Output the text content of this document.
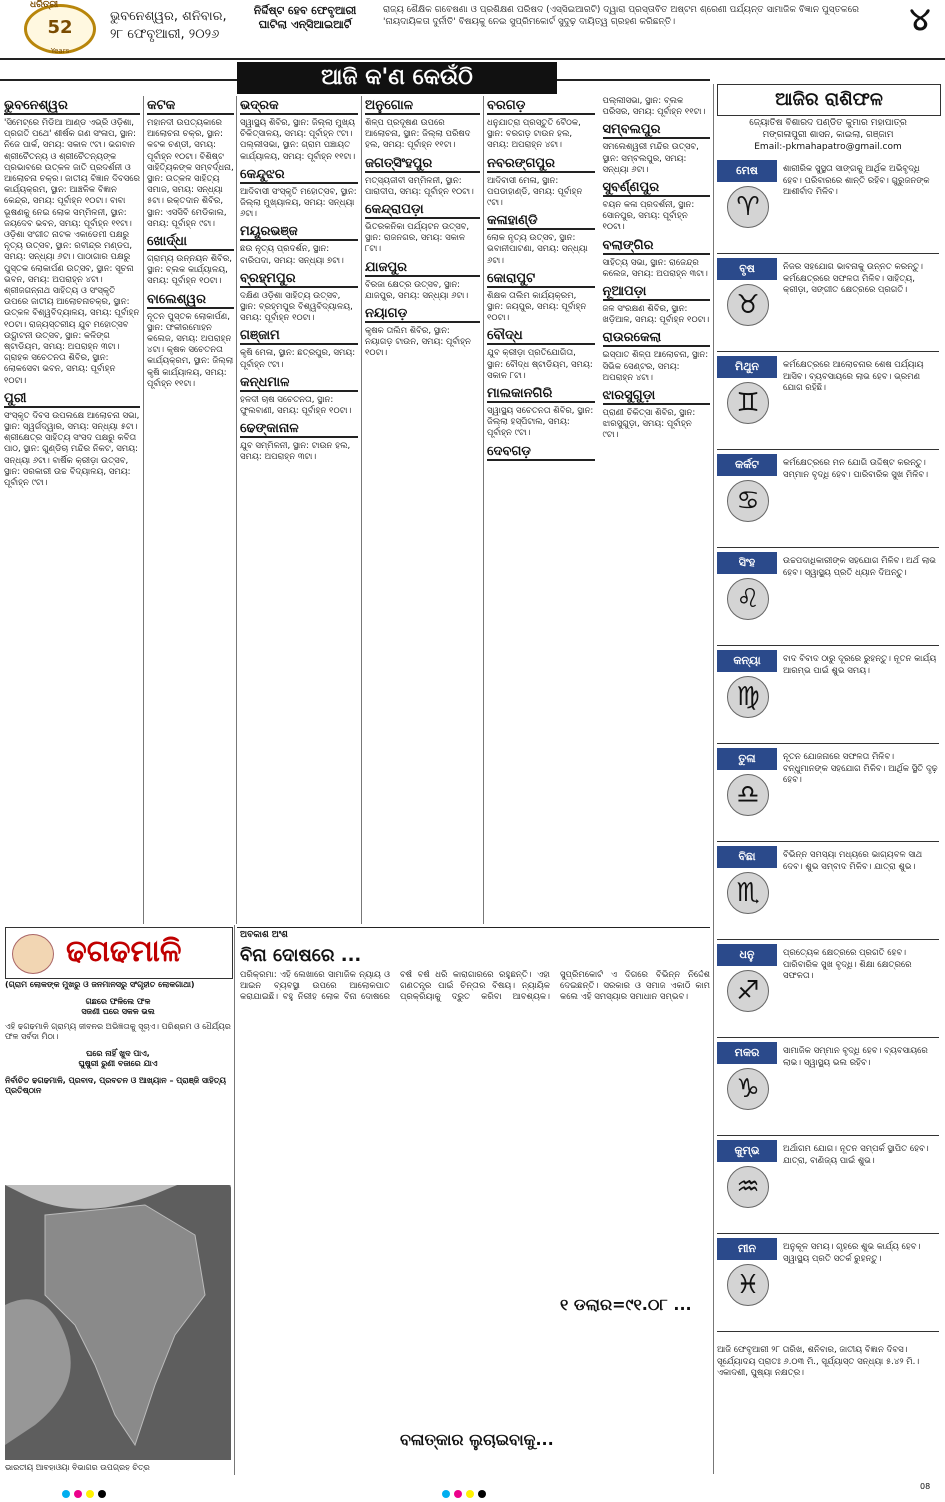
52
Years
ଧରିତ୍ରୀ
ଭୁବନେଶ୍ୱର, ଶନିବାର,
୨୮ ଫେବୃଆରୀ, ୨୦୨୬
ନିର୍ଦ୍ଦିଷ୍ଟ ହେବ ଫେବୃଆରୀ ଘାଟିଲା ଏନ୍ସିଆଇଆର୍ଟି
ରାଜ୍ୟ ଶୈକ୍ଷିକ ଗବେଷଣା ଓ ପ୍ରଶିକ୍ଷଣ ପରିଷଦ (ଏସ୍ସିଇଆରଟି) ଦ୍ୱାରା ପ୍ରସ୍ତାବିତ ଅଷ୍ଟମ ଶ୍ରେଣୀ ପର୍ଯ୍ୟନ୍ତ ସାମାଜିକ ବିଜ୍ଞାନ ପୁସ୍ତକରେ 'ନାୟଦାୟିକତା ଦୁର୍ନୀତି' ବିଷୟକୁ ନେଇ ସୁପ୍ରିମକୋର୍ଟ ସୁଦୁଢ଼ ଦାୟିତ୍ୱ ଗ୍ରହଣ କରିଛନ୍ତି।	୪
ଆଜି କ'ଣ କେଉଁଠି
ଭୁବନେଶ୍ୱର
'ସିମେଟ୍ରେ ମିଡିଆ ଆଣ୍ଡ ଏଭ୍ରି ଓଡ଼ିଶା, ପ୍ରଗତି ପଥେ' ଶୀର୍ଷକ ଗଣ ସଂଳାପ, ସ୍ଥାନ: ନିଜେ ପାର୍କ, ସମୟ: ସକାଳ ୯ଟା। ଭଗବାନ ଶ୍ରୀଚୈତନ୍ୟ ଓ ଶ୍ରୀଚୈତନ୍ୟଙ୍କ ପ୍ରଭାବରେ ଉତ୍କଳ ଜାତି ପ୍ରଦର୍ଶନୀ ଓ ଆଲୋଚନା ଚକ୍ର। ଜାତୀୟ ବିଜ୍ଞାନ ଦିବସରେ କାର୍ଯ୍ୟକ୍ରମ, ସ୍ଥାନ: ଆଞ୍ଚଳିକ ବିଜ୍ଞାନ କେନ୍ଦ୍ର, ସମୟ: ପୂର୍ବାହ୍ନ ୧୦ଟା। ବାବା ଭୂଷଣକୁ ନେଇ ଲୋକ ସମ୍ମିଳନୀ, ସ୍ଥାନ: ଜୟଦେବ ଭବନ, ସମୟ: ପୂର୍ବାହ୍ନ ୧୧ଟା। ଓଡ଼ିଶା ସଂଗୀତ ନାଟକ ଏକାଡେମୀ ପକ୍ଷରୁ ନୃତ୍ୟ ଉତ୍ସବ, ସ୍ଥାନ: ରବୀନ୍ଦ୍ର ମଣ୍ଡପ, ସମୟ: ସନ୍ଧ୍ୟା ୬ଟା। ପାଠାଗାର ପକ୍ଷରୁ ପୁସ୍ତକ ଲୋକାର୍ପଣ ଉତ୍ସବ, ସ୍ଥାନ: ସୂଚନା ଭବନ, ସମୟ: ଅପରାହ୍ନ ୪ଟା। ଶ୍ରୀଜଗନ୍ନାଥ ସାହିତ୍ୟ ଓ ସଂସ୍କୃତି ଉପରେ ଜାତୀୟ ଆଲୋଚନାଚକ୍ର, ସ୍ଥାନ: ଉତ୍କଳ ବିଶ୍ୱବିଦ୍ୟାଳୟ, ସମୟ: ପୂର୍ବାହ୍ନ ୧୦ଟା। ରାଜ୍ୟସ୍ତରୀୟ ଯୁବ ମହୋତ୍ସବ ଉଦ୍ଘାଟନୀ ଉତ୍ସବ, ସ୍ଥାନ: କଳିଙ୍ଗ ଷ୍ଟାଡିୟମ, ସମୟ: ଅପରାହ୍ନ ୩ଟା। ଗ୍ରାହକ ସଚେତନତା ଶିବିର, ସ୍ଥାନ: ଲୋକସେବା ଭବନ, ସମୟ: ପୂର୍ବାହ୍ନ ୧୦ଟା।
ପୁରୀ
ସଂସ୍କୃତ ଦିବସ ଉପଲକ୍ଷେ ଆଲୋଚନା ସଭା, ସ୍ଥାନ: ସ୍ୱର୍ଗଦ୍ୱାର, ସମୟ: ସନ୍ଧ୍ୟା ୫ଟା। ଶ୍ରୀକ୍ଷେତ୍ର ସାହିତ୍ୟ ସଂସଦ ପକ୍ଷରୁ କବିତା ପାଠ, ସ୍ଥାନ: ଗୁଣ୍ଡିଚା ମନ୍ଦିର ନିକଟ, ସମୟ: ସନ୍ଧ୍ୟା ୬ଟା। ବାର୍ଷିକ କ୍ରୀଡ଼ା ଉତ୍ସବ, ସ୍ଥାନ: ସରକାରୀ ଉଚ୍ଚ ବିଦ୍ୟାଳୟ, ସମୟ: ପୂର୍ବାହ୍ନ ୯ଟା।
କଟକ
ମହାନଦୀ ଉପତ୍ୟକାରେ ଆଲୋଚନା ଚକ୍ର, ସ୍ଥାନ: କଟକ ଚଣ୍ଡୀ, ସମୟ: ପୂର୍ବାହ୍ନ ୧୦ଟା। ବିଶିଷ୍ଟ ସାହିତ୍ୟିକଙ୍କ ସମ୍ବର୍ଦ୍ଧନା, ସ୍ଥାନ: ଉତ୍କଳ ସାହିତ୍ୟ ସମାଜ, ସମୟ: ସନ୍ଧ୍ୟା ୫ଟା। ରକ୍ତଦାନ ଶିବିର, ସ୍ଥାନ: ଏସସିବି ମେଡିକାଲ, ସମୟ: ପୂର୍ବାହ୍ନ ୯ଟା।
ଖୋର୍ଦ୍ଧା
ଗ୍ରାମ୍ୟ ଉନ୍ନୟନ ଶିବିର, ସ୍ଥାନ: ବ୍ଲକ କାର୍ଯ୍ୟାଳୟ, ସମୟ: ପୂର୍ବାହ୍ନ ୧୦ଟା।
ବାଲେଶ୍ୱର
ନୂତନ ପୁସ୍ତକ ଲୋକାର୍ପଣ, ସ୍ଥାନ: ଫକୀରମୋହନ କଲେଜ, ସମୟ: ଅପରାହ୍ନ ୪ଟା। କୃଷକ ସଚେତନତା କାର୍ଯ୍ୟକ୍ରମ, ସ୍ଥାନ: ଜିଲ୍ଲା କୃଷି କାର୍ଯ୍ୟାଳୟ, ସମୟ: ପୂର୍ବାହ୍ନ ୧୧ଟା।
ଭଦ୍ରକ
ସ୍ୱାସ୍ଥ୍ୟ ଶିବିର, ସ୍ଥାନ: ଜିଲ୍ଲା ମୁଖ୍ୟ ଚିକିତ୍ସାଳୟ, ସମୟ: ପୂର୍ବାହ୍ନ ୯ଟା। ପଲ୍ଲୀସଭା, ସ୍ଥାନ: ଗ୍ରାମ ପଞ୍ଚାୟତ କାର୍ଯ୍ୟାଳୟ, ସମୟ: ପୂର୍ବାହ୍ନ ୧୧ଟା।
କେନ୍ଦୁଝର
ଆଦିବାସୀ ସଂସ୍କୃତି ମହୋତ୍ସବ, ସ୍ଥାନ: ଜିଲ୍ଲା ମୁଖ୍ୟାଳୟ, ସମୟ: ସନ୍ଧ୍ୟା ୬ଟା।
ମୟୂରଭଞ୍ଜ
ଛଉ ନୃତ୍ୟ ପ୍ରଦର୍ଶନ, ସ୍ଥାନ: ବାରିପଦା, ସମୟ: ସନ୍ଧ୍ୟା ୭ଟା।
ବ୍ରହ୍ମପୁର
ଦକ୍ଷିଣ ଓଡ଼ିଶା ସାହିତ୍ୟ ଉତ୍ସବ, ସ୍ଥାନ: ବ୍ରହ୍ମପୁର ବିଶ୍ୱବିଦ୍ୟାଳୟ, ସମୟ: ପୂର୍ବାହ୍ନ ୧୦ଟା।
ଗଞ୍ଜାମ
କୃଷି ମେଳା, ସ୍ଥାନ: ଛତ୍ରପୁର, ସମୟ: ପୂର୍ବାହ୍ନ ୯ଟା।
କନ୍ଧମାଳ
ହଳଦୀ ଚାଷ ସଚେତନତା, ସ୍ଥାନ: ଫୁଲବାଣୀ, ସମୟ: ପୂର୍ବାହ୍ନ ୧୦ଟା।
ଢେଙ୍କାନାଳ
ଯୁବ ସମ୍ମିଳନୀ, ସ୍ଥାନ: ଟାଉନ ହଲ, ସମୟ: ଅପରାହ୍ନ ୩ଟା।
ଅନୁଗୋଳ
ଶିଳ୍ପ ପ୍ରଦୂଷଣ ଉପରେ ଆଲୋଚନା, ସ୍ଥାନ: ଜିଲ୍ଲା ପରିଷଦ ହଲ, ସମୟ: ପୂର୍ବାହ୍ନ ୧୧ଟା।
ଜଗତ୍‌ସିଂହପୁର
ମତ୍ସ୍ୟଜୀବୀ ସମ୍ମିଳନୀ, ସ୍ଥାନ: ପାରାଦୀପ, ସମୟ: ପୂର୍ବାହ୍ନ ୧୦ଟା।
କେନ୍ଦ୍ରାପଡ଼ା
ଭିତରକନିକା ପର୍ଯ୍ୟଟନ ଉତ୍ସବ, ସ୍ଥାନ: ରାଜନଗର, ସମୟ: ସକାଳ ୮ଟା।
ଯାଜପୁର
ବିରଜା କ୍ଷେତ୍ର ଉତ୍ସବ, ସ୍ଥାନ: ଯାଜପୁର, ସମୟ: ସନ୍ଧ୍ୟା ୬ଟା।
ନୟାଗଡ଼
କୃଷକ ତାଲିମ ଶିବିର, ସ୍ଥାନ: ନୟାଗଡ଼ ଟାଉନ, ସମୟ: ପୂର୍ବାହ୍ନ ୧୦ଟା।
ବରଗଡ଼
ଧନୁଯାତ୍ରା ପ୍ରସ୍ତୁତି ବୈଠକ, ସ୍ଥାନ: ବରଗଡ଼ ଟାଉନ ହଲ, ସମୟ: ଅପରାହ୍ନ ୪ଟା।
ନବରଙ୍ଗପୁର
ଆଦିବାସୀ ମେଳା, ସ୍ଥାନ: ପପଡାହାଣ୍ଡି, ସମୟ: ପୂର୍ବାହ୍ନ ୯ଟା।
କଳାହାଣ୍ଡି
ଲୋକ ନୃତ୍ୟ ଉତ୍ସବ, ସ୍ଥାନ: ଭବାନୀପାଟଣା, ସମୟ: ସନ୍ଧ୍ୟା ୬ଟା।
କୋରାପୁଟ
ଶିକ୍ଷକ ତାଲିମ କାର୍ଯ୍ୟକ୍ରମ, ସ୍ଥାନ: ଜୟପୁର, ସମୟ: ପୂର୍ବାହ୍ନ ୧୦ଟା।
ବୌଦ୍ଧ
ଯୁବ କ୍ରୀଡ଼ା ପ୍ରତିଯୋଗିତା, ସ୍ଥାନ: ବୌଦ୍ଧ ଷ୍ଟାଡିୟମ, ସମୟ: ସକାଳ ୮ଟା।
ମାଲକାନଗିରି
ସ୍ୱାସ୍ଥ୍ୟ ସଚେତନତା ଶିବିର, ସ୍ଥାନ: ଜିଲ୍ଲା ହସ୍ପିଟାଲ, ସମୟ: ପୂର୍ବାହ୍ନ ୯ଟା।
ଦେବଗଡ଼
ପଲ୍ଲୀସଭା, ସ୍ଥାନ: ବ୍ଲକ ପରିସର, ସମୟ: ପୂର୍ବାହ୍ନ ୧୧ଟା।
ସମ୍ବଲପୁର
ସମଲେଶ୍ୱରୀ ମନ୍ଦିର ଉତ୍ସବ, ସ୍ଥାନ: ସମ୍ବଲପୁର, ସମୟ: ସନ୍ଧ୍ୟା ୬ଟା।
ସୁବର୍ଣ୍ଣପୁର
ବୟନ କଳା ପ୍ରଦର୍ଶନୀ, ସ୍ଥାନ: ସୋନପୁର, ସମୟ: ପୂର୍ବାହ୍ନ ୧୦ଟା।
ବଲାଙ୍ଗିର
ସାହିତ୍ୟ ସଭା, ସ୍ଥାନ: ରାଜେନ୍ଦ୍ର କଲେଜ, ସମୟ: ଅପରାହ୍ନ ୩ଟା।
ନୂଆପଡ଼ା
ଜଳ ସଂରକ୍ଷଣ ଶିବିର, ସ୍ଥାନ: ଖଡ଼ିଆଳ, ସମୟ: ପୂର୍ବାହ୍ନ ୧୦ଟା।
ରାଉରକେଲା
ଇସ୍ପାତ ଶିଳ୍ପ ଆଲୋଚନା, ସ୍ଥାନ: ସିଭିକ ସେଣ୍ଟର, ସମୟ: ଅପରାହ୍ନ ୪ଟା।
ଝାରସୁଗୁଡ଼ା
ପ୍ରାଣୀ ଚିକିତ୍ସା ଶିବିର, ସ୍ଥାନ: ଝାରସୁଗୁଡ଼ା, ସମୟ: ପୂର୍ବାହ୍ନ ୯ଟା।
ଆଜିର ରାଶିଫଳ
ଜ୍ୟୋତିଷ ବିଶାରଦ ପଣ୍ଡିତ କୁମାର ମହାପାତ୍ର
ମଙ୍ଗଳାପୁରୀ ଶାସନ, କାଇଲା, ଗଞ୍ଜାମ
Email:-pkmahapatro@gmail.com
ମେଷ
♈
ଶାରୀରିକ ସୁସ୍ଥତା ସାଙ୍ଗକୁ ଆର୍ଥିକ ଅଭିବୃଦ୍ଧି ହେବ। ପରିବାରରେ ଶାନ୍ତି ରହିବ। ଗୁରୁଜନଙ୍କ ଆଶୀର୍ବାଦ ମିଳିବ।
ବୃଷ
♉
ନିଜର ସହଯୋଗ ଭାବନାକୁ ଉନ୍ନତ କରନ୍ତୁ। କର୍ମକ୍ଷେତ୍ରରେ ସଫଳତା ମିଳିବ। ସାହିତ୍ୟ, କ୍ରୀଡ଼ା, ସଙ୍ଗୀତ କ୍ଷେତ୍ରରେ ପ୍ରଗତି।
ମିଥୁନ
♊
କର୍ମକ୍ଷେତ୍ରରେ ଆଲୋଚନାର ଶେଷ ପର୍ଯ୍ୟାୟ ଆସିବ। ବ୍ୟବସାୟରେ ଲାଭ ହେବ। ଭ୍ରମଣ ଯୋଗ ରହିଛି।
କର୍କଟ
♋
କର୍ମକ୍ଷେତ୍ରରେ ମନ ଯୋଗି ଉଦ୍ଦିଷ୍ଟ କରନ୍ତୁ। ସମ୍ମାନ ବୃଦ୍ଧି ହେବ। ପାରିବାରିକ ସୁଖ ମିଳିବ।
ସିଂହ
♌
ଉଚ୍ଚପଦାଧିକାରୀଙ୍କ ସହଯୋଗ ମିଳିବ। ଅର୍ଥ ଲାଭ ହେବ। ସ୍ୱାସ୍ଥ୍ୟ ପ୍ରତି ଧ୍ୟାନ ଦିଅନ୍ତୁ।
କନ୍ୟା
♍
ବାଦ ବିବାଦ ଠାରୁ ଦୂରରେ ରୁହନ୍ତୁ। ନୂତନ କାର୍ଯ୍ୟ ଆରମ୍ଭ ପାଇଁ ଶୁଭ ସମୟ।
ତୁଳା
♎
ନୂତନ ଯୋଜନାରେ ସଫଳତା ମିଳିବ। ବନ୍ଧୁମାନଙ୍କ ସହଯୋଗ ମିଳିବ। ଆର୍ଥିକ ସ୍ଥିତି ଦୃଢ଼ ହେବ।
ବିଛା
♏
ବିଭିନ୍ନ ସମସ୍ୟା ମଧ୍ୟରେ ଭାଗ୍ୟବଳ ସାଥ ଦେବ। ଶୁଭ ସମ୍ବାଦ ମିଳିବ। ଯାତ୍ରା ଶୁଭ।
ଧନୁ
♐
ପ୍ରତ୍ୟେକ କ୍ଷେତ୍ରରେ ପ୍ରଗତି ହେବ। ପାରିବାରିକ ସୁଖ ବୃଦ୍ଧି। ଶିକ୍ଷା କ୍ଷେତ୍ରରେ ସଫଳତା।
ମକର
♑
ସାମାଜିକ ସମ୍ମାନ ବୃଦ୍ଧି ହେବ। ବ୍ୟବସାୟରେ ଲାଭ। ସ୍ୱାସ୍ଥ୍ୟ ଭଲ ରହିବ।
କୁମ୍ଭ
♒
ଅର୍ଥାଗମ ଯୋଗ। ନୂତନ ସମ୍ପର୍କ ସ୍ଥାପିତ ହେବ। ଯାତ୍ରା, ବାଣିଜ୍ୟ ପାଇଁ ଶୁଭ।
ମୀନ
♓
ଅନୁକୂଳ ସମୟ। ଗୃହରେ ଶୁଭ କାର୍ଯ୍ୟ ହେବ। ସ୍ୱାସ୍ଥ୍ୟ ପ୍ରତି ସତର୍କ ରୁହନ୍ତୁ।
ଆଜି ଫେବୃଆରୀ ୨୮ ତାରିଖ, ଶନିବାର, ଜାତୀୟ ବିଜ୍ଞାନ ଦିବସ। ସୂର୍ଯ୍ୟୋଦୟ ପ୍ରାତଃ ୬.୦୩ ମି., ସୂର୍ଯ୍ୟାସ୍ତ ସନ୍ଧ୍ୟା ୫.୪୨ ମି.। ଏକାଦଶୀ, ପୁଷ୍ୟା ନକ୍ଷତ୍ର।
ଢଗଢମାଳି
(ଗ୍ରାମ ଲୋକଙ୍କ ମୁଖରୁ ଓ ଜନମାନସରୁ ସଂଗୃହୀତ ଲୋକଗାଥା)
ଗଛରେ ଫଳିଲେ ଫଳ
ସଜଣୀ ଘରେ ସକଳ ଭଲ
ଏହି ଢଗଢମାଳି ଗ୍ରାମ୍ୟ ଜୀବନର ଅଭିଜ୍ଞତାକୁ ସୂଚାଏ। ପରିଶ୍ରମ ଓ ଧୈର୍ଯ୍ୟର ଫଳ ସର୍ବଦା ମିଠା।
ଘରେ ନାହିଁ ଖୁଦ ପାଏ,
ଘୁଷୁରୀ ରୁଣୀ ବଜାରେ ଯାଏ
ନିର୍ବାଚିତ ଢଗଢମାଳି, ପ୍ରବାଦ, ପ୍ରବଚନ ଓ ଆଖ୍ୟାନ – ପ୍ରାଞ୍ଜି ସାହିତ୍ୟ ପ୍ରତିଷ୍ଠାନ
ଭାରତୀୟ ଆବହାଓୟା ବିଭାଗର ଉପଗ୍ରହ ଚିତ୍ର
ଅବକାଶ ଅଂଶ
ବିନା ଦୋଷରେ ...
ପରିକ୍ରମା: ଏହି ଲେଖାରେ ସାମାଜିକ ନ୍ୟାୟ ଓ ଆଇନ ବ୍ୟବସ୍ଥା ଉପରେ ଆଲୋକପାତ କରାଯାଇଛି। ବହୁ ନିରୀହ ଲୋକ ବିନା ଦୋଷରେ ବର୍ଷ ବର୍ଷ ଧରି କାରାଗାରରେ ରହୁଛନ୍ତି। ଏହା ଗଣତନ୍ତ୍ର ପାଇଁ ଚିନ୍ତାର ବିଷୟ। ନ୍ୟାୟିକ ପ୍ରକ୍ରିୟାକୁ ଦ୍ରୁତ କରିବା ଆବଶ୍ୟକ। ସୁପ୍ରିମକୋର୍ଟ ଏ ଦିଗରେ ବିଭିନ୍ନ ନିର୍ଦ୍ଦେଶ ଦେଇଛନ୍ତି। ସରକାର ଓ ସମାଜ ଏକାଠି କାମ କଲେ ଏହି ସମସ୍ୟାର ସମାଧାନ ସମ୍ଭବ।
୧ ଡଲାର=୯୧.୦୮ ...
ବଳାତ୍କାର ଲୁଚାଇବାକୁ...
08
